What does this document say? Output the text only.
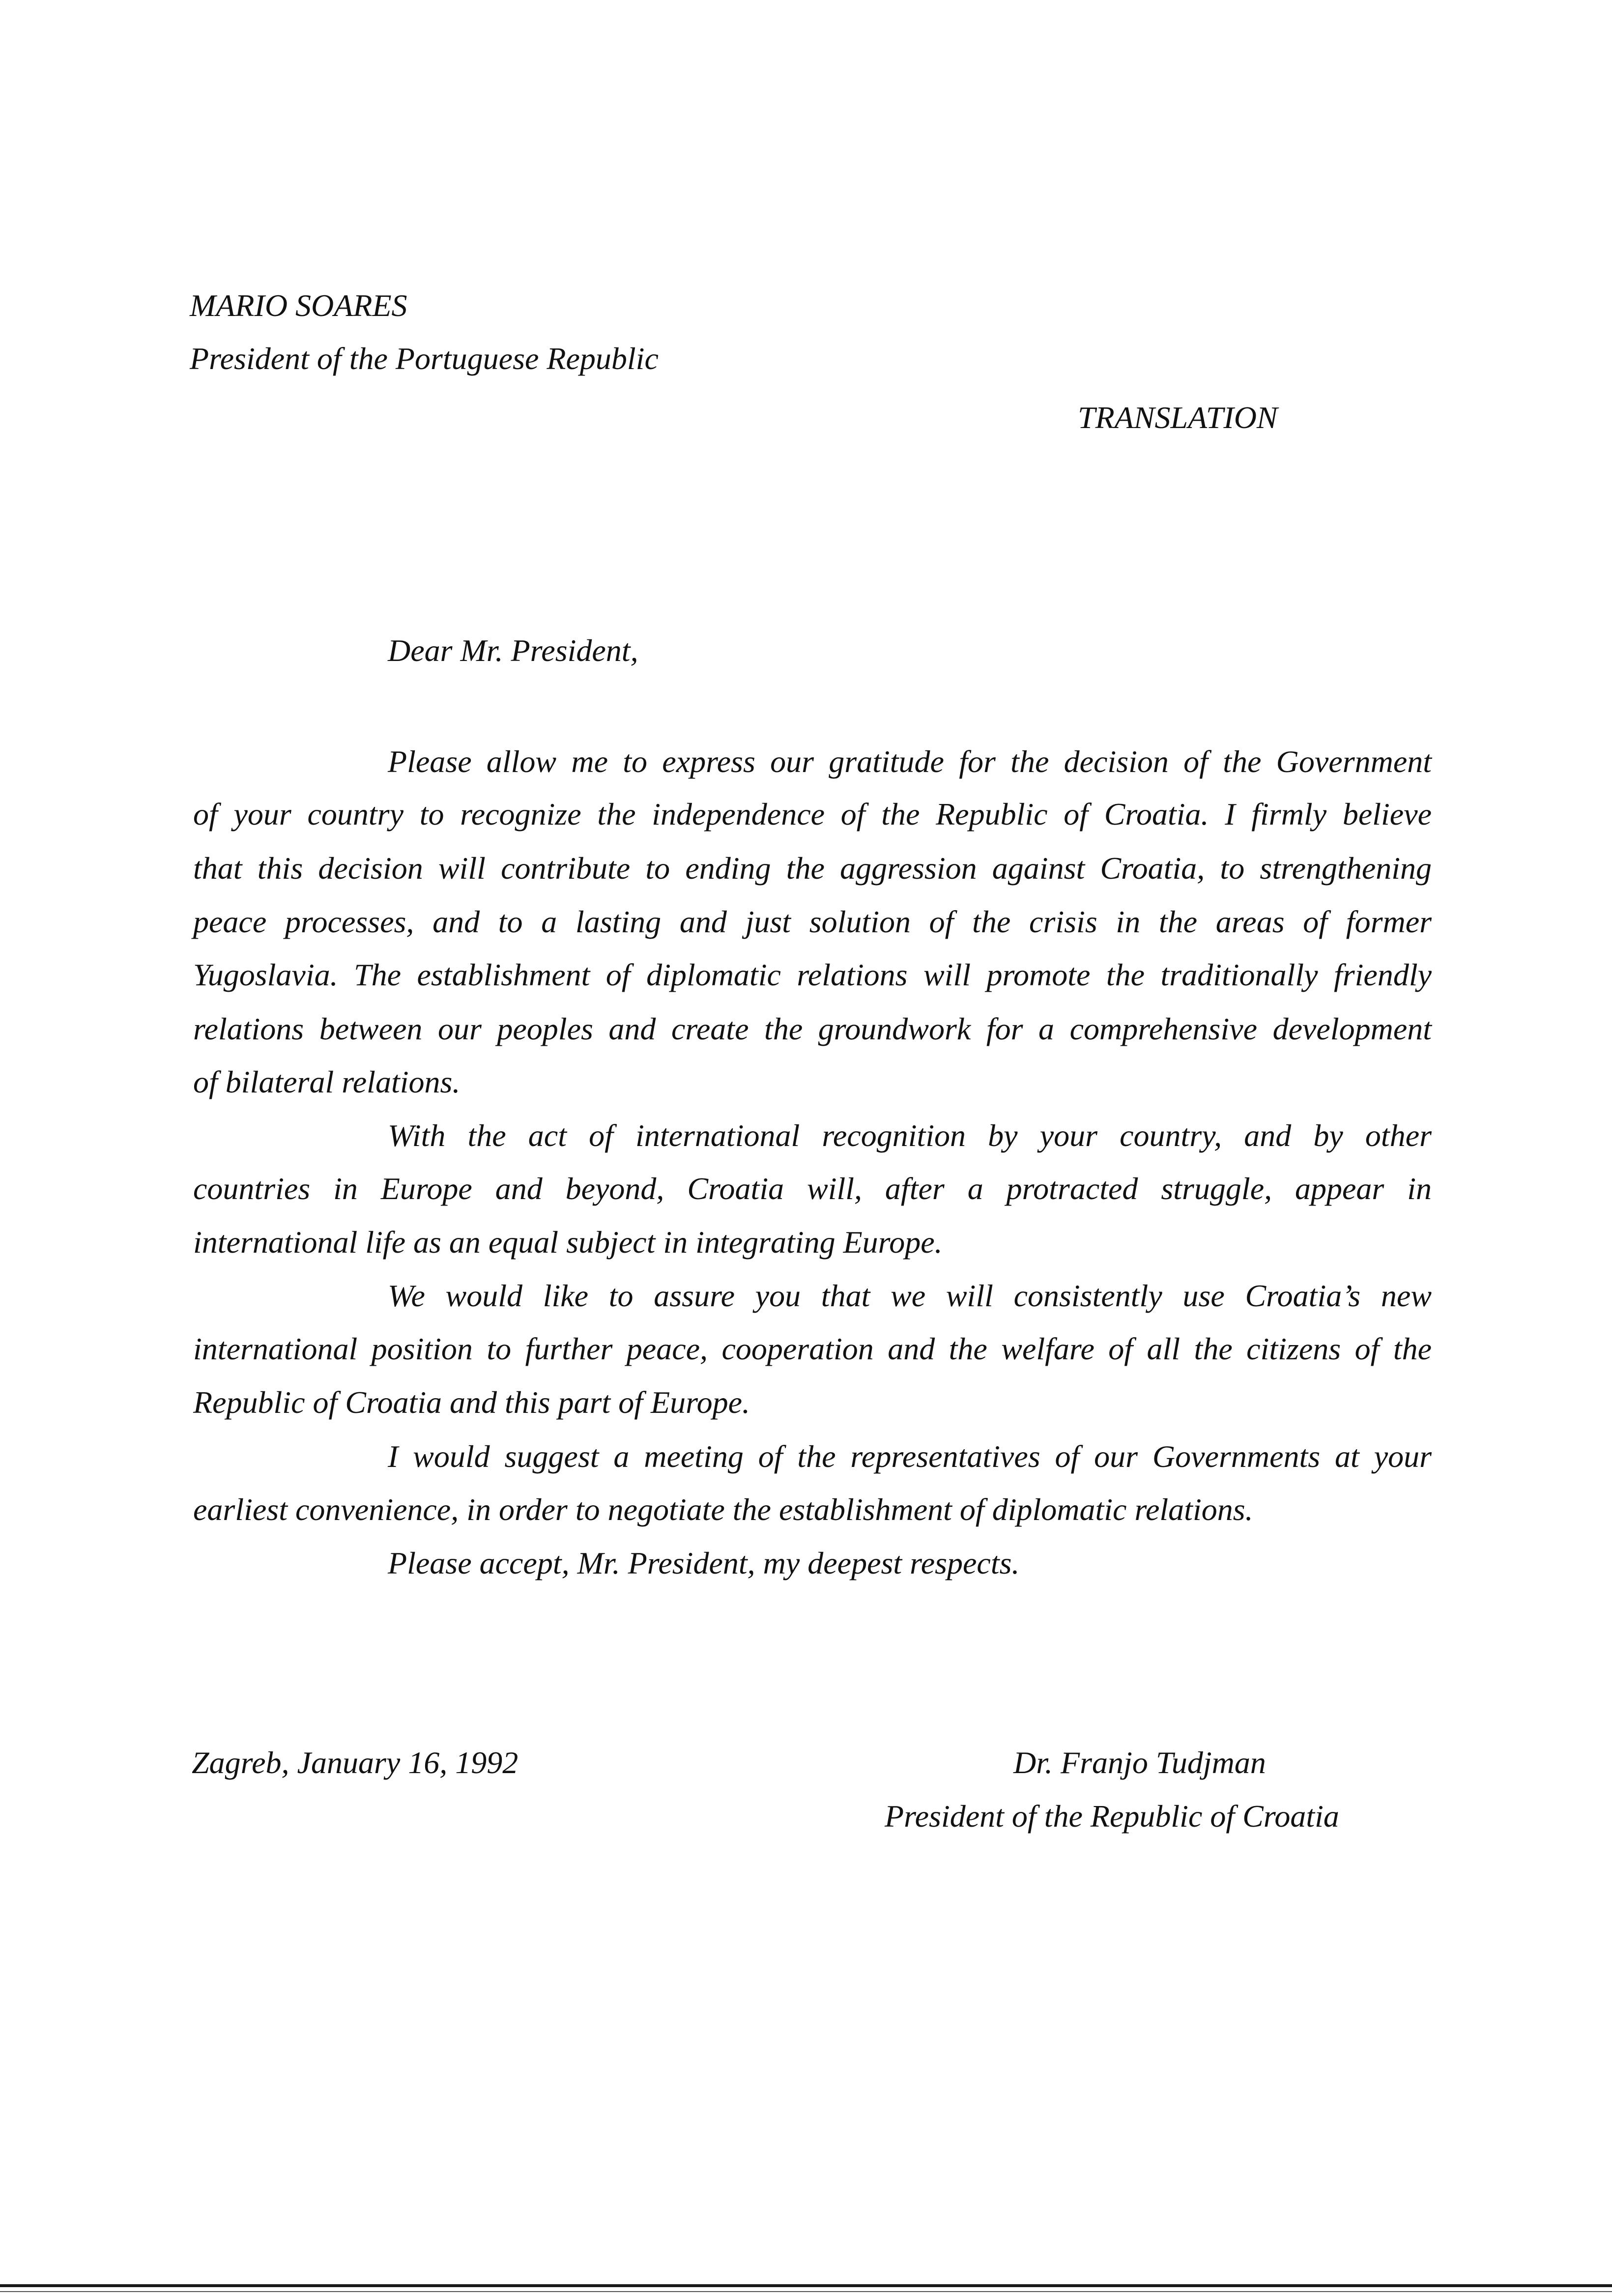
MARIO SOARES
President of the Portuguese Republic
TRANSLATION
Dear Mr. President,
Please allow me to express our gratitude for the decision of the Government
of your country to recognize the independence of the Republic of Croatia. I firmly believe
that this decision will contribute to ending the aggression against Croatia, to strengthening
peace processes, and to a lasting and just solution of the crisis in the areas of former
Yugoslavia. The establishment of diplomatic relations will promote the traditionally friendly
relations between our peoples and create the groundwork for a comprehensive development
of bilateral relations.
With the act of international recognition by your country, and by other
countries in Europe and beyond, Croatia will, after a protracted struggle, appear in
international life as an equal subject in integrating Europe.
We would like to assure you that we will consistently use Croatia’s new
international position to further peace, cooperation and the welfare of all the citizens of the
Republic of Croatia and this part of Europe.
I would suggest a meeting of the representatives of our Governments at your
earliest convenience, in order to negotiate the establishment of diplomatic relations.
Please accept, Mr. President, my deepest respects.
Zagreb, January 16, 1992	Dr. Franjo Tudjman
President of the Republic of Croatia
